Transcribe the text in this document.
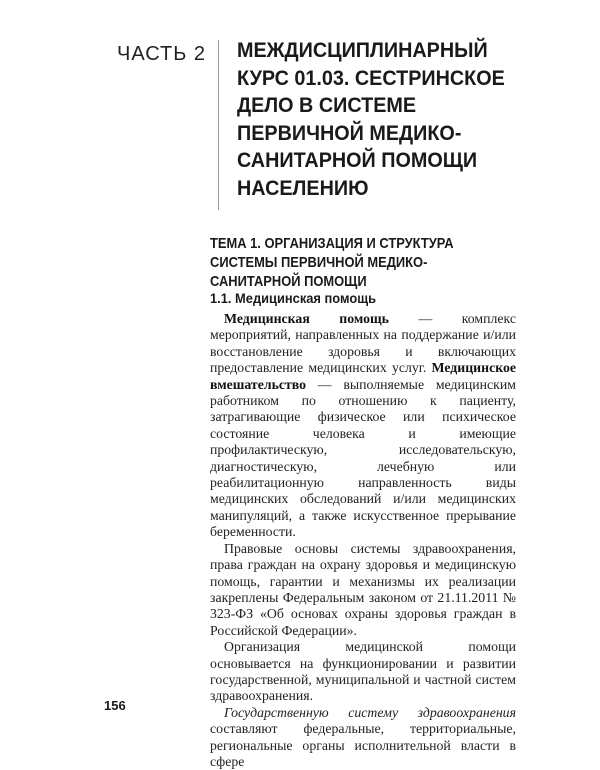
ЧАСТЬ 2 МЕЖДИСЦИПЛИНАРНЫЙ КУРС 01.03. СЕСТРИНСКОЕ ДЕЛО В СИСТЕМЕ ПЕРВИЧНОЙ МЕДИКО-САНИТАРНОЙ ПОМОЩИ НАСЕЛЕНИЮ
ТЕМА 1. ОРГАНИЗАЦИЯ И СТРУКТУРА СИСТЕМЫ ПЕРВИЧНОЙ МЕДИКО-САНИТАРНОЙ ПОМОЩИ
1.1. Медицинская помощь

Медицинская помощь — комплекс мероприятий, направленных на поддержание и/или восстановление здоровья и включающих предоставление медицинских услуг. Медицинское вмешательство — выполняемые медицинским работником по отношению к пациенту, затрагивающие физическое или психическое состояние человека и имеющие профилактическую, исследовательскую, диагностическую, лечебную или реабилитационную направленность виды медицинских обследований и/или медицинских манипуляций, а также искусственное прерывание беременности.

Правовые основы системы здравоохранения, права граждан на охрану здоровья и медицинскую помощь, гарантии и механизмы их реализации закреплены Федеральным законом от 21.11.2011 № 323-ФЗ «Об основах охраны здоровья граждан в Российской Федерации».

Организация медицинской помощи основывается на функционировании и развитии государственной, муниципальной и частной систем здравоохранения.

Государственную систему здравоохранения составляют федеральные, территориальные, региональные органы исполнительной власти в сфере

156
